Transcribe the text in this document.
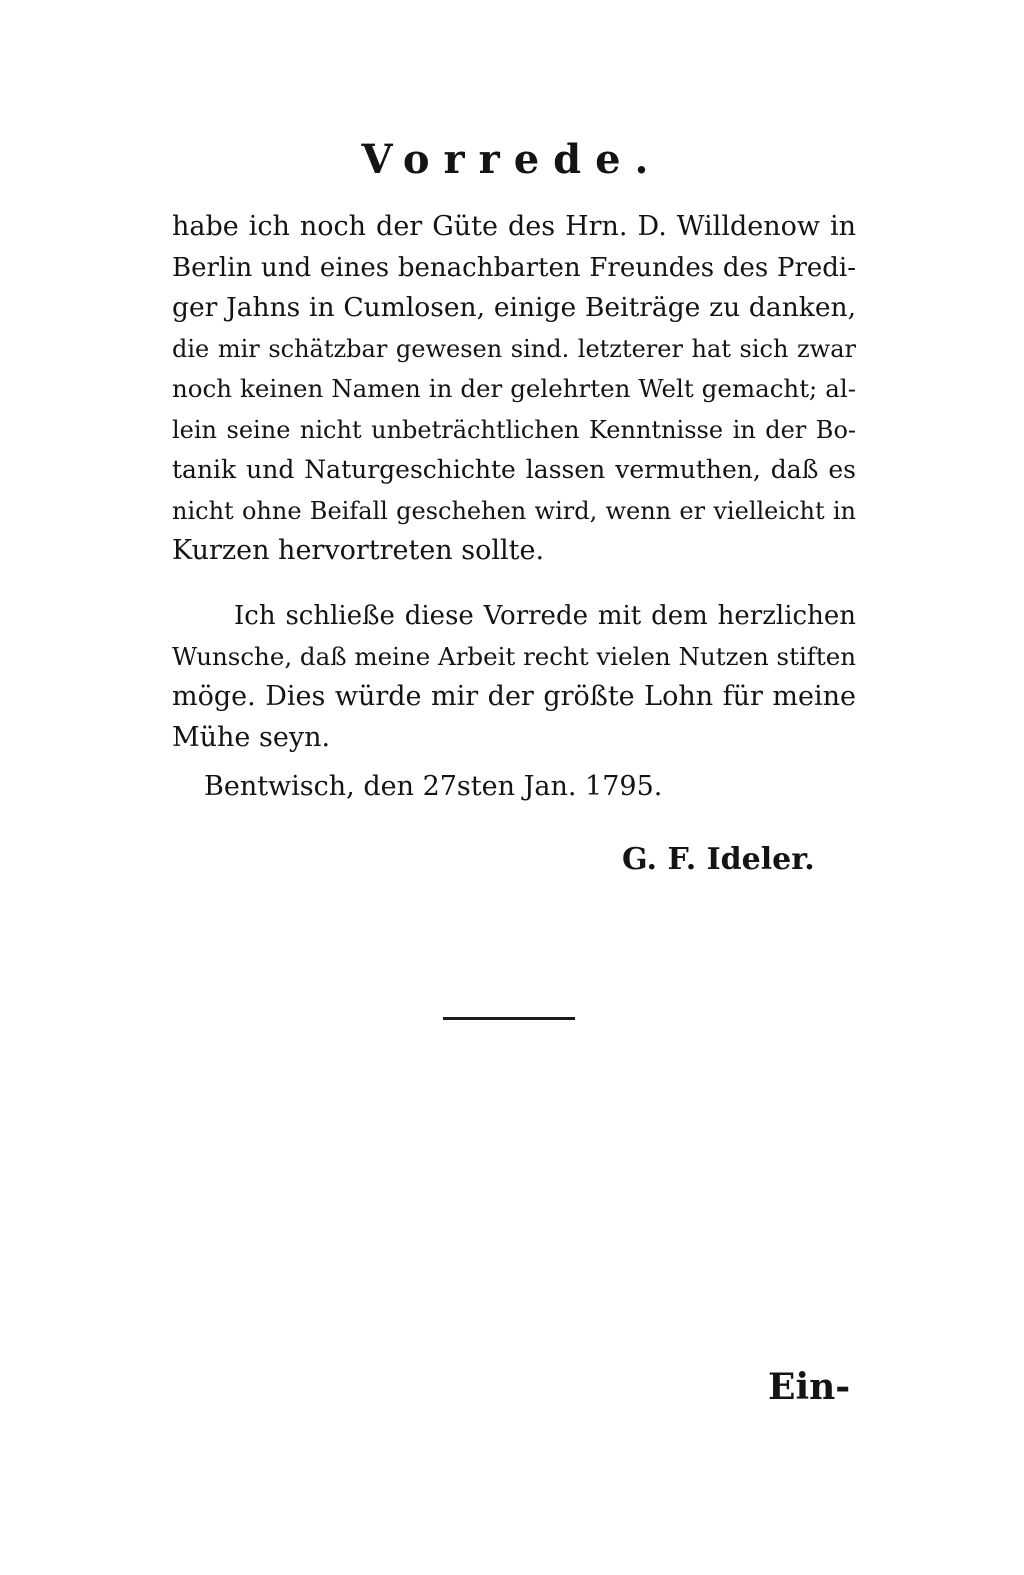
Vorrede.
habe ich noch der Güte des Hrn. D. Willdenow in
Berlin und eines benachbarten Freundes des Predi-
ger Jahns in Cumlosen, einige Beiträge zu danken,
die mir schätzbar gewesen sind. letzterer hat sich zwar
noch keinen Namen in der gelehrten Welt gemacht; al-
lein seine nicht unbeträchtlichen Kenntnisse in der Bo-
tanik und Naturgeschichte lassen vermuthen, daß es
nicht ohne Beifall geschehen wird, wenn er vielleicht in
Kurzen hervortreten sollte.
Ich schließe diese Vorrede mit dem herzlichen
Wunsche, daß meine Arbeit recht vielen Nutzen stiften
möge. Dies würde mir der größte Lohn für meine
Mühe seyn.
Bentwisch, den 27sten Jan. 1795.
G. F. Ideler.
Ein-
